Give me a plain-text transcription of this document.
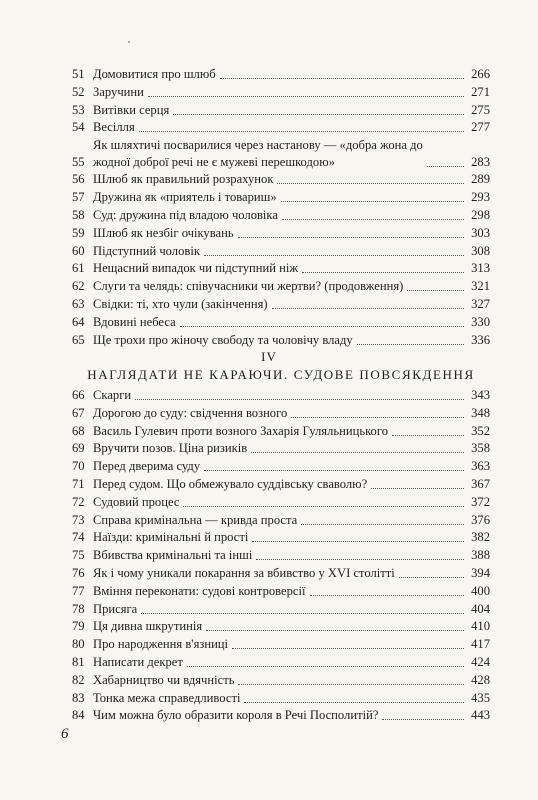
51 Домовитися про шлюб	266
52 Заручини	271
53 Витівки серця	275
54 Весілля	277
55
Як шляхтичі посварилися через настанову — «добра жона до
жодної доброї речі не є мужеві перешкодою»	283
56 Шлюб як правильний розрахунок	289
57 Дружина як «приятель і товариш»	293
58 Суд: дружина під владою чоловіка	298
59 Шлюб як незбіг очікувань	303
60 Підступний чоловік	308
61 Нещасний випадок чи підступний ніж	313
62 Слуги та челядь: співучасники чи жертви? (продовження)	321
63 Свідки: ті, хто чули (закінчення)	327
64 Вдовині небеса	330
65 Ще трохи про жіночу свободу та чоловічу владу	336
IV
НАГЛЯДАТИ НЕ КАРАЮЧИ. СУДОВЕ ПОВСЯКДЕННЯ
66 Скарги	343
67 Дорогою до суду: свідчення возного	348
68 Василь Гулевич проти возного Захарія Гуляльницького	352
69 Вручити позов. Ціна ризиків	358
70 Перед дверима суду	363
71 Перед судом. Що обмежувало суддівську сваволю?	367
72 Судовий процес	372
73 Справа кримінальна — кривда проста	376
74 Наїзди: кримінальні й прості	382
75 Вбивства кримінальні та інші	388
76 Як і чому уникали покарання за вбивство у XVI столітті	394
77 Вміння переконати: судові контроверсії	400
78 Присяга	404
79 Ця дивна шкрутинія	410
80 Про народження в'язниці	417
81 Написати декрет	424
82 Хабарництво чи вдячність	428
83 Тонка межа справедливості	435
84 Чим можна було образити короля в Речі Посполитій?	443
6
